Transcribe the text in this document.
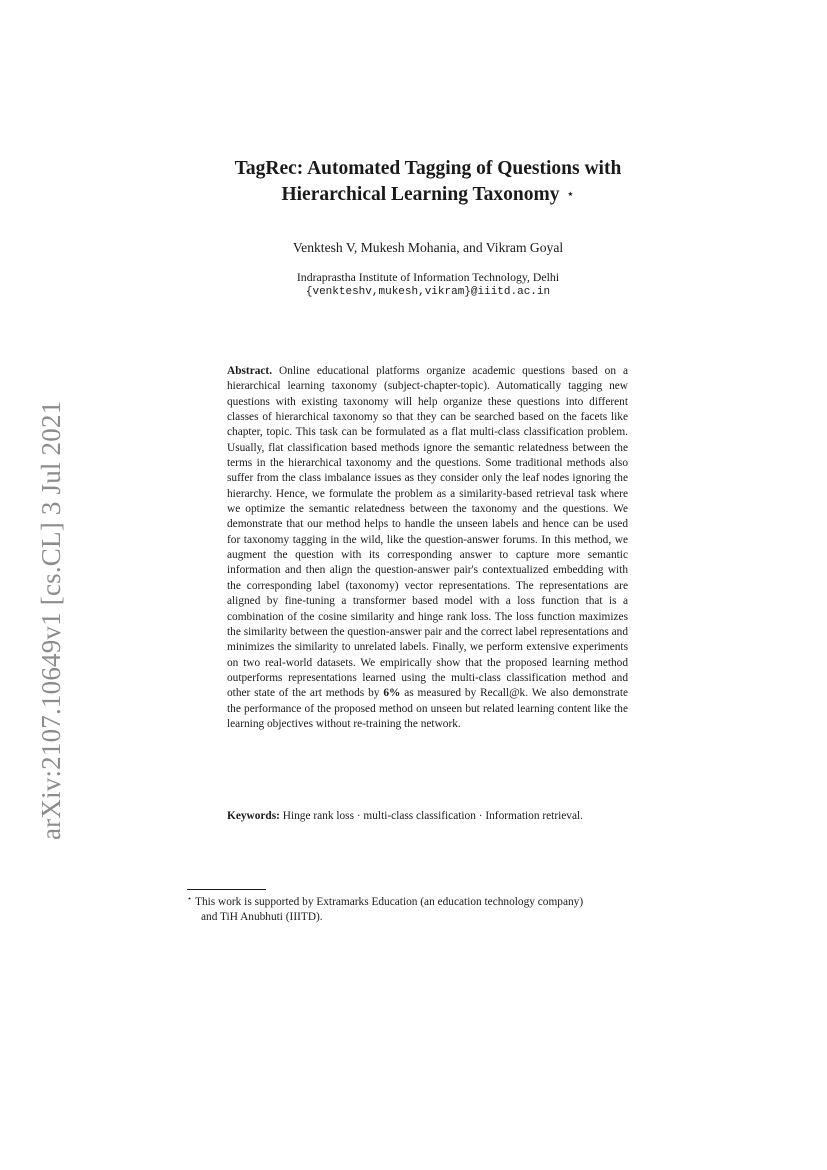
arXiv:2107.10649v1 [cs.CL] 3 Jul 2021
TagRec: Automated Tagging of Questions with
Hierarchical Learning Taxonomy ⋆
Venktesh V, Mukesh Mohania, and Vikram Goyal
Indraprastha Institute of Information Technology, Delhi
{venkteshv,mukesh,vikram}@iiitd.ac.in
Abstract. Online educational platforms organize academic questions based on a hierarchical learning taxonomy (subject-chapter-topic). Automatically tagging new questions with existing taxonomy will help organize these questions into different classes of hierarchical taxonomy so that they can be searched based on the facets like chapter, topic. This task can be formulated as a flat multi-class classification problem. Usually, flat classification based methods ignore the semantic relatedness between the terms in the hierarchical taxonomy and the questions. Some traditional methods also suffer from the class imbalance issues as they consider only the leaf nodes ignoring the hierarchy. Hence, we formulate the problem as a similarity-based retrieval task where we optimize the semantic relatedness between the taxonomy and the questions. We demonstrate that our method helps to handle the unseen labels and hence can be used for taxonomy tagging in the wild, like the question-answer forums. In this method, we augment the question with its corresponding answer to capture more semantic information and then align the question-answer pair's contextualized embedding with the corresponding label (taxonomy) vector representations. The representations are aligned by fine-tuning a transformer based model with a loss function that is a combination of the cosine similarity and hinge rank loss. The loss function maximizes the similarity between the question-answer pair and the correct label representations and minimizes the similarity to unrelated labels. Finally, we perform extensive experiments on two real-world datasets. We empirically show that the proposed learning method outperforms representations learned using the multi-class classification method and other state of the art methods by 6% as measured by Recall@k. We also demonstrate the performance of the proposed method on unseen but related learning content like the learning objectives without re-training the network.
Keywords: Hinge rank loss · multi-class classification · Information retrieval.
⋆ This work is supported by Extramarks Education (an education technology company)
and TiH Anubhuti (IIITD).
